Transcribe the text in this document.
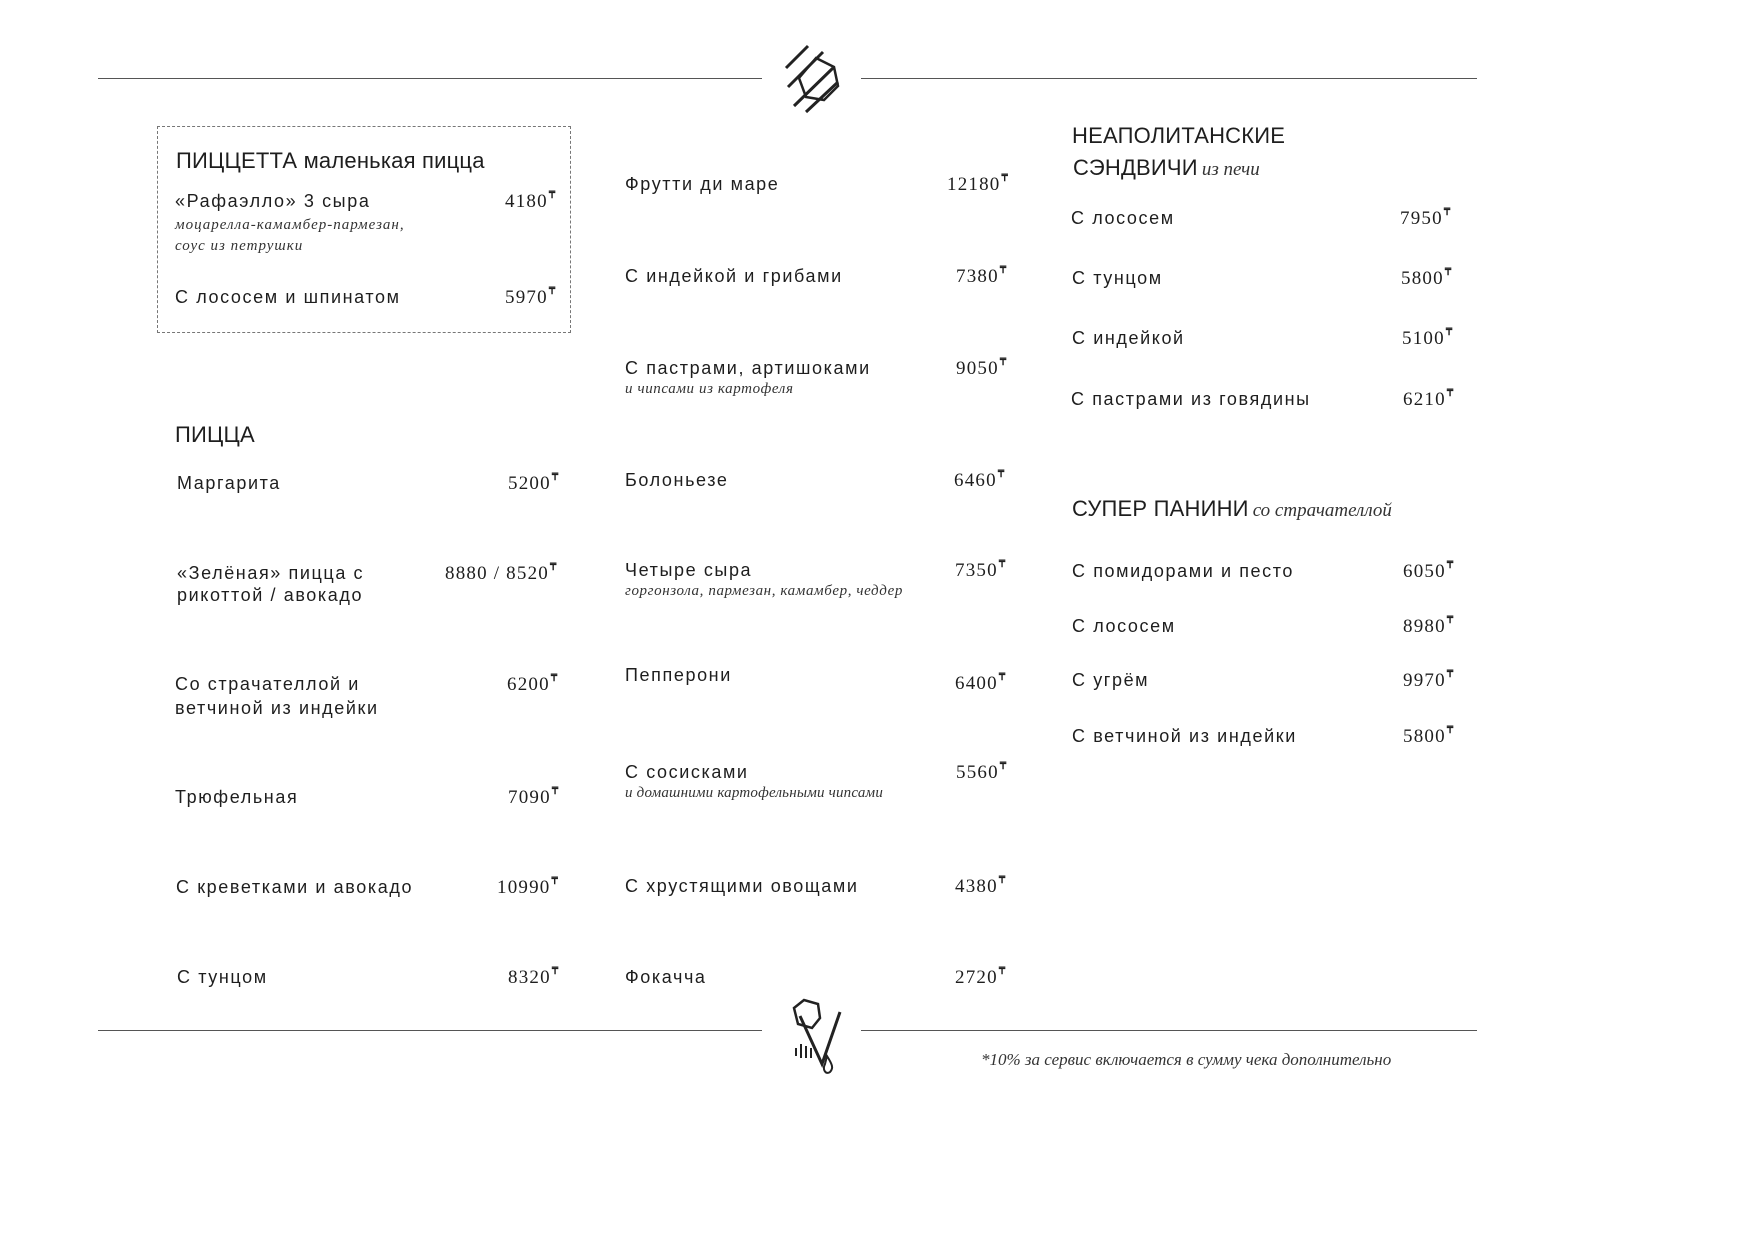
ПИЦЦЕТТА маленькая пицца
«Рафаэлло» 3 сыра
моцарелла-камамбер-пармезан,
соус из петрушки
4180₸
С лососем и шпинатом	5970₸
ПИЦЦА
Маргарита	5200₸
«Зелёная» пицца с
рикоттой / авокадо
8880 / 8520₸
Со страчателлой и
ветчиной из индейки
6200₸
Трюфельная	7090₸
С креветками и авокадо	10990₸
С тунцом	8320₸
Фрутти ди маре	12180₸
С индейкой и грибами	7380₸
С пастрами, артишоками
и чипсами из картофеля
9050₸
Болоньезе	6460₸
Четыре сыра
горгонзола, пармезан, камамбер, чеддер
7350₸
Пепперони	6400₸
С сосисками
и домашними картофельными чипсами
5560₸
С хрустящими овощами	4380₸
Фокачча	2720₸
НЕАПОЛИТАНСКИЕ
СЭНДВИЧИ из печи
С лососем	7950₸
С тунцом	5800₸
С индейкой	5100₸
С пастрами из говядины	6210₸
СУПЕР ПАНИНИ со страчателлой
С помидорами и песто	6050₸
С лососем	8980₸
С угрём	9970₸
С ветчиной из индейки	5800₸
*10% за сервис включается в сумму чека дополнительно
